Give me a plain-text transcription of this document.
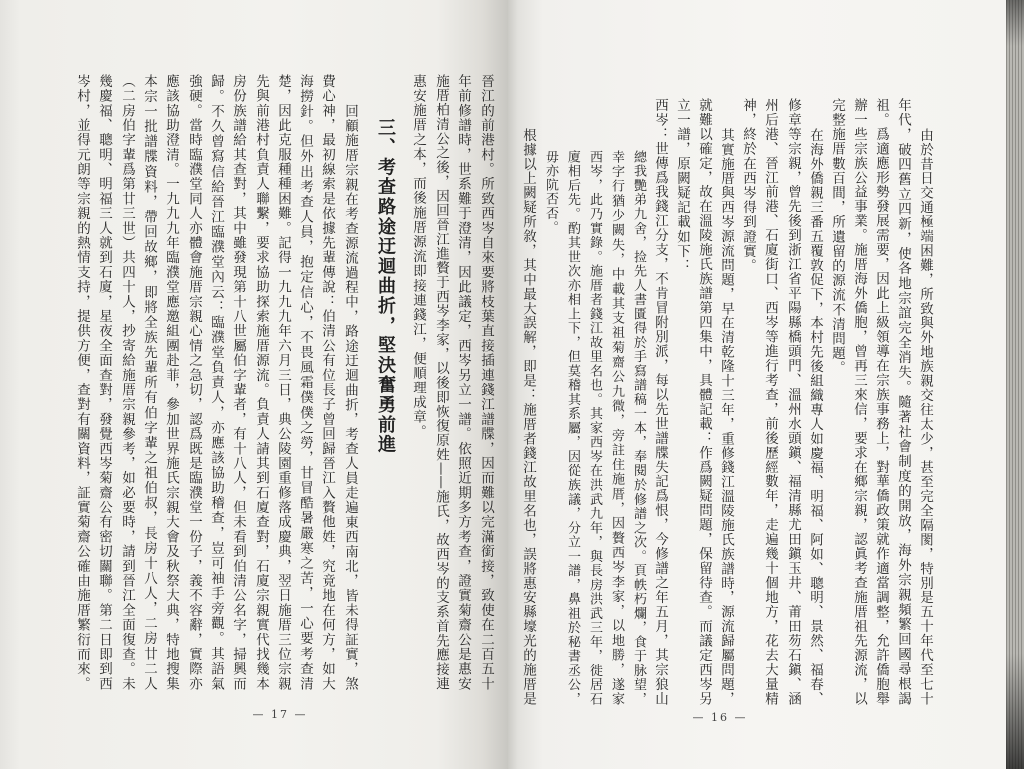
晉江的前港村。所致西岑自來要將枝葉直接插連錢江譜牒，因而難以完滿銜接，致使在二百五十
年前修譜時，世系難于澄清，因此議定，西岑另立一譜。依照近期多方考查，證實菊齋公是惠安
施厝柏清公之後，因回晉江進贅于西岑李家，以後即恢復原姓——施氏，故西岑的支系首先應接連
惠安施厝之本，而後施厝源流即接連錢江，便順理成章。
三、考查路途迂迴曲折，堅決奮勇前進
回顧施厝宗親在考查源流過程中，路途迂迴曲折，考查人員走遍東西南北，皆未得証實，煞
費心神，最初線索是依據先輩傳說：伯清公有位長子曾回歸晉江入贅他姓，究竟地在何方，如大
海撈針。但外出考查人員，抱定信心，不畏風霜僕僕之勞，甘冒酷暑嚴寒之苦，一心要考查清
楚，因此克服種種困難。記得一九九九年六月三日，典公陵園重修落成慶典，翌日施厝三位宗親
先與前港村負責人聯繫，要求協助探索施厝源流。負責人請其到石廈查對，石廈宗親實代找幾本
房份族譜給其查對，其中雖發現第十八世屬伯字輩者，有十八人，但未看到伯清公名字，掃興而
歸。不久曾寫信給晉江臨濮堂內云：臨濮堂負責人，亦應該協助稽查，豈可袖手旁觀。其語氣
強硬。當時臨濮堂同人亦體會施厝宗親心情之急切，認爲既是臨濮堂一份子，義不容辭，實際亦
應該協助澄清。一九九九年臨濮堂應邀組團赴菲，參加世界施氏宗親大會及秋祭大典，特地搜集
本宗一批譜牒資料，帶回故鄉，即將全族先輩所有伯字輩之祖伯叔，長房十八人，二房廿二人
（二房伯字輩爲第廿三世）共四十人，抄寄給施厝宗親參考，如必要時，請到晉江全面復查。未
幾慶福、聰明、明福三人就到石廈，星夜全面查對，發覺西岑菊齋公有密切關聯。第二日即到西
岑村，並得元朗等宗親的熱情支持，提供方便，查對有關資料，証實菊齋公確由施厝繁衍而來。
— 17 —
由於昔日交通極端困難，所致與外地族親交往太少，甚至完全隔閡，特別是五十年代至七十
年代，破四舊立四新，使各地宗誼完全消失。隨著社會制度的開放，海外宗親頻繁回國尋根謁
祖。爲適應形勢發展需要，因此上級領導在宗族事務上，對華僑政策就作適當調整，允許僑胞舉
辦一些宗族公益事業。施厝海外僑胞，曾再三來信，要求在鄉宗親，認眞考查施厝祖先源流，以
完整施厝數百間，所遺留的源流不清問題。
在海外僑親三番五覆敦促下，本村先後組織專人如慶福、明福、阿如、聰明、景然、福春、
修章等宗親，曾先後到浙江省平陽縣橋頭門、溫州水頭鎭、福清縣尤田鎭玉井、莆田芴石鎭、涵
州后港、晉江前港、石廈街口、西岑等進行考查，前後歷經數年，走遍幾十個地方，花去大量精
神，終於在西岑得到證實。
其實施厝與西岑源流問題，早在清乾隆十三年，重修錢江溫陵施氏族譜時，源流歸屬問題，
就難以確定，故在溫陵施氏族譜第四集中，具體記載：作爲闕疑問題，保留待查。而議定西岑另
立一譜，原闕疑記載如下：
西岑：世傳爲我錢江分支，不肯冒附別派，每以先世譜牒失記爲恨，今修譜之年五月，其宗狼山
總我艷弟九舍，捡先人書匱得於手寫譜稿一本，奉閱於修譜之次。頁帙朽爛，食于脉望，
幸字行猶少闕失，中載其支祖菊齋公九微，旁註住施厝，因贅西岑李家，以地勝，遂家
西岑，此乃實錄。施厝者錢江故里名也。其家西岑在洪武九年，與長房洪武三年，徙居石
廈相后先。酌其世次亦相上下，但莫稽其系屬，因從族議，分立一譜，鼻祖於秘書丞公，
毋亦阬否否。
根據以上闕疑所敘，其中最大誤解，即是：施厝者錢江故里名也，誤將惠安縣壕光的施厝是
— 16 —
